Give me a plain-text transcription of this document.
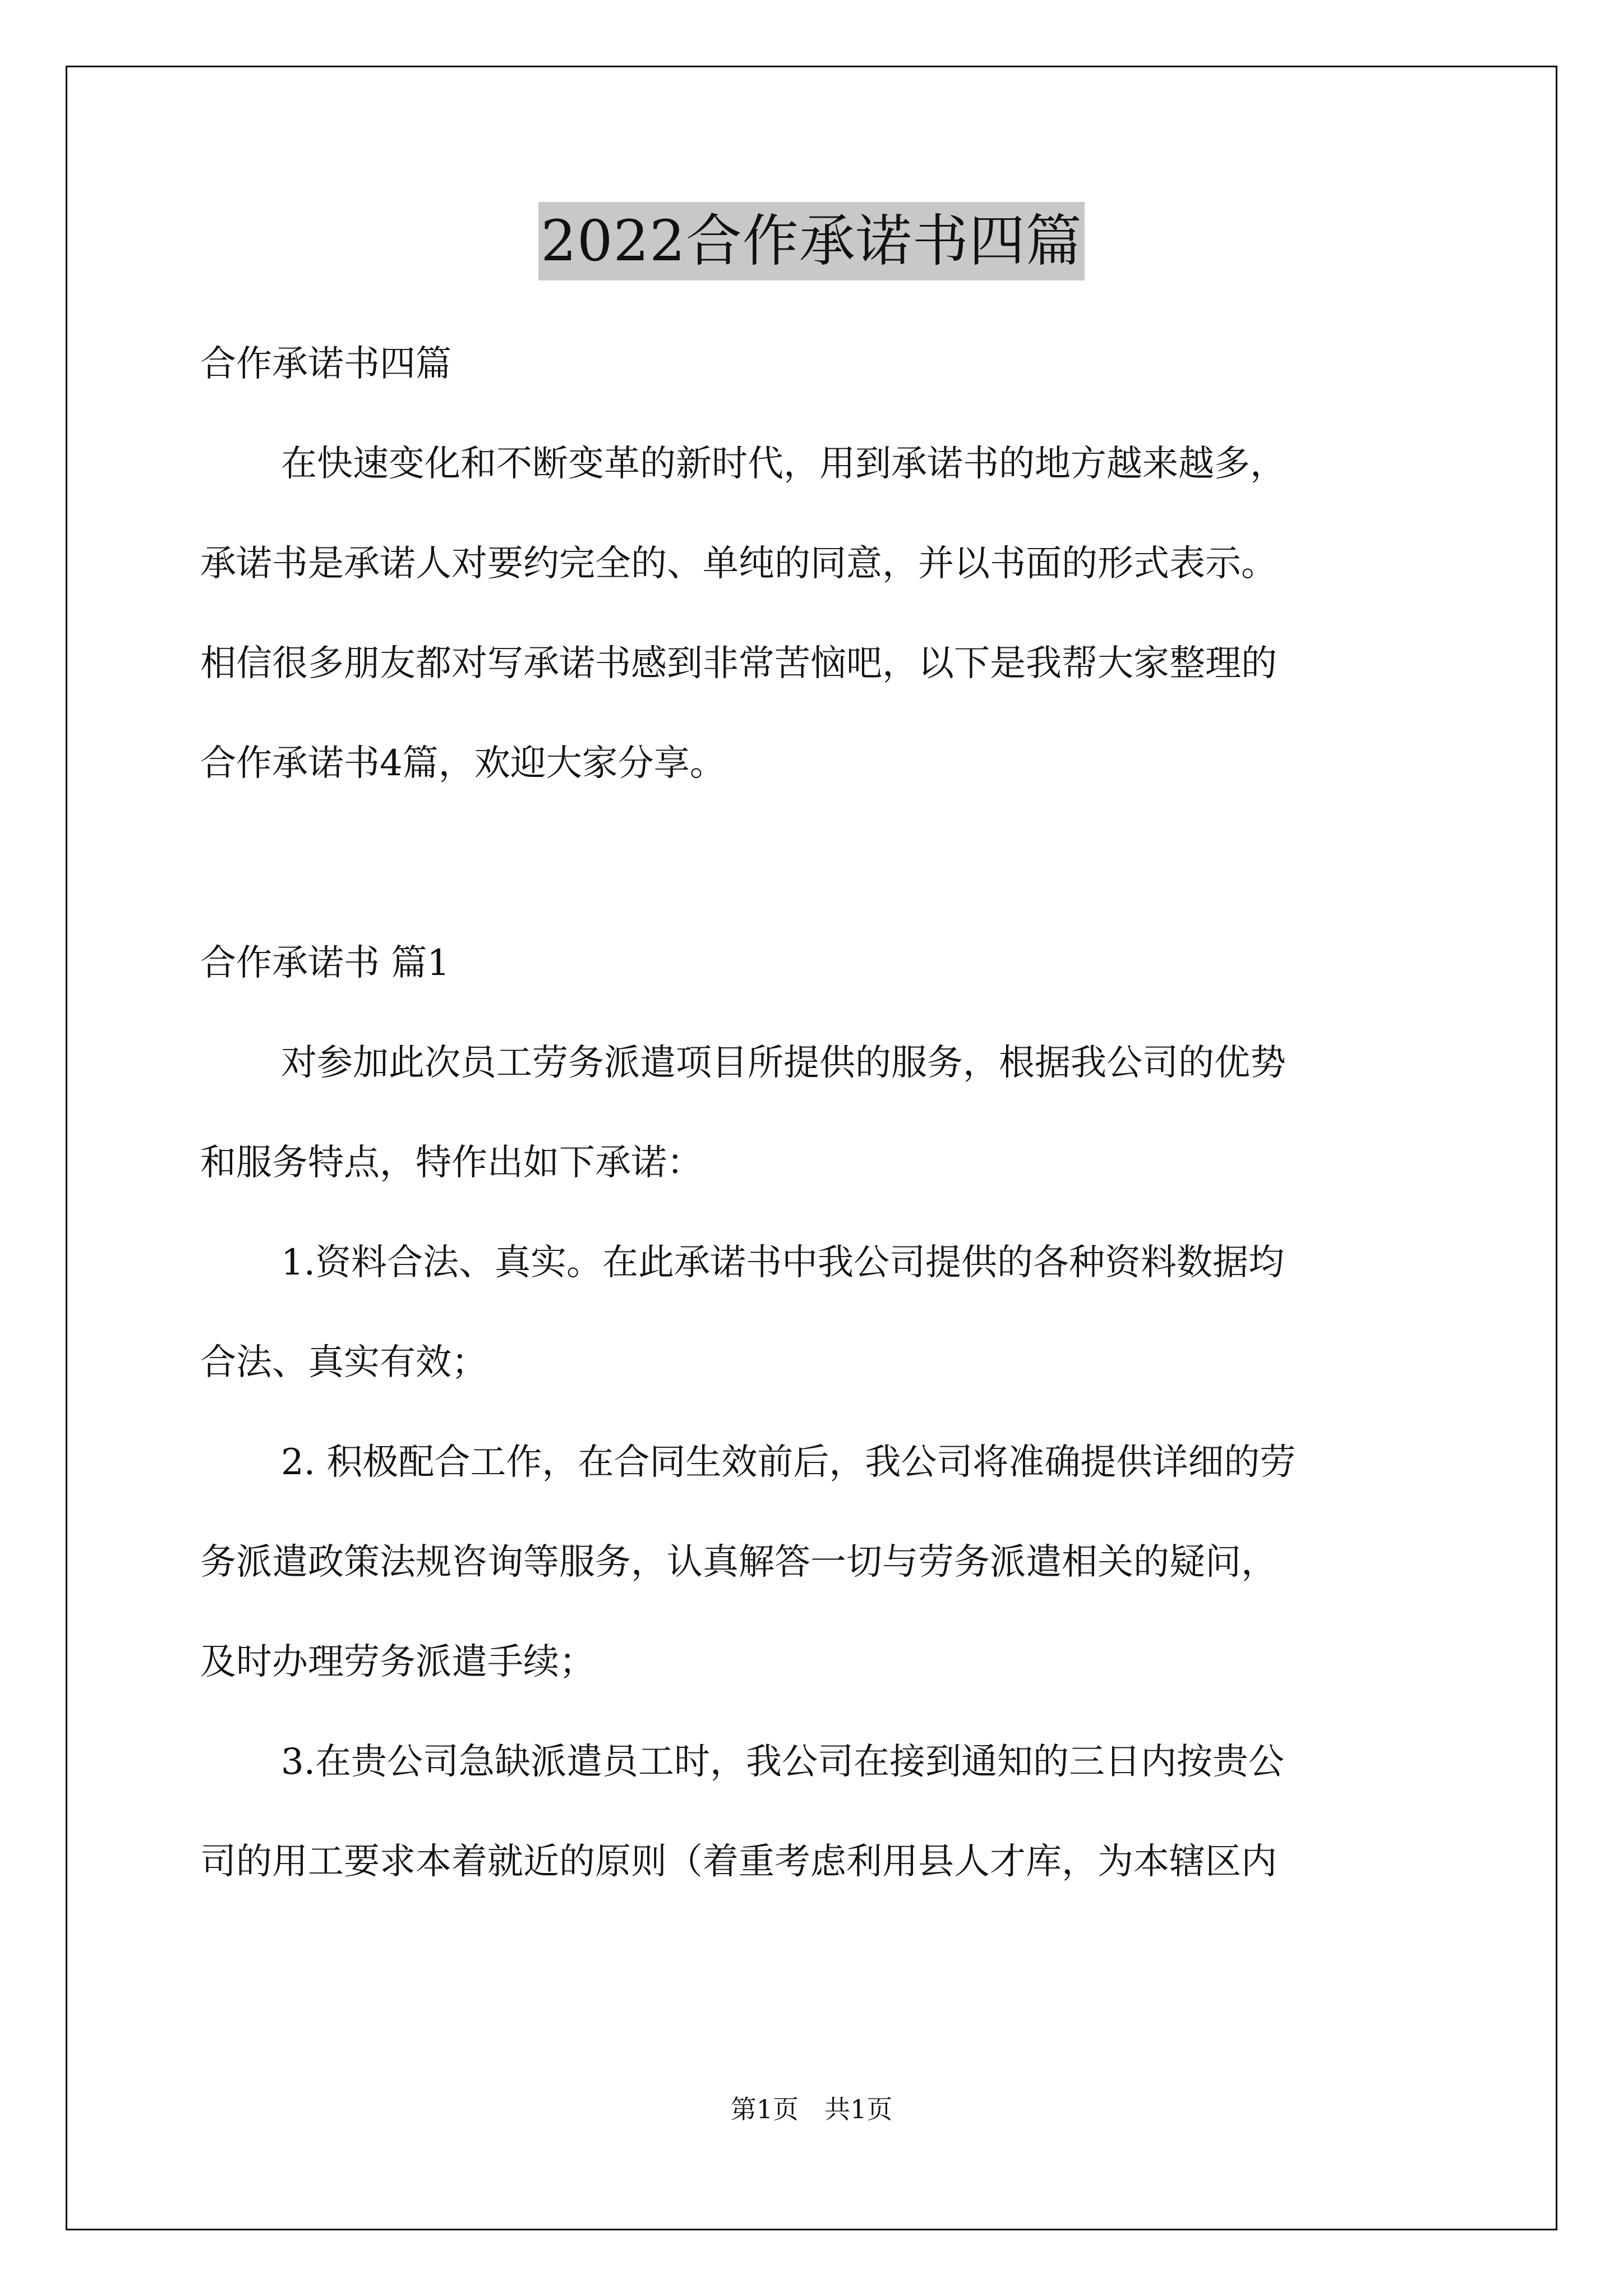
2022合作承诺书四篇

合作承诺书四篇

在快速变化和不断变革的新时代，用到承诺书的地方越来越多，

承诺书是承诺人对要约完全的、单纯的同意，并以书面的形式表示。

相信很多朋友都对写承诺书感到非常苦恼吧，以下是我帮大家整理的

合作承诺书4篇，欢迎大家分享。

合作承诺书 篇1

对参加此次员工劳务派遣项目所提供的服务，根据我公司的优势

和服务特点，特作出如下承诺：

1.资料合法、真实。在此承诺书中我公司提供的各种资料数据均

合法、真实有效；

2. 积极配合工作，在合同生效前后，我公司将准确提供详细的劳

务派遣政策法规咨询等服务，认真解答一切与劳务派遣相关的疑问，

及时办理劳务派遣手续；

3.在贵公司急缺派遣员工时，我公司在接到通知的三日内按贵公

司的用工要求本着就近的原则（着重考虑利用县人才库，为本辖区内

第1页　共1页
